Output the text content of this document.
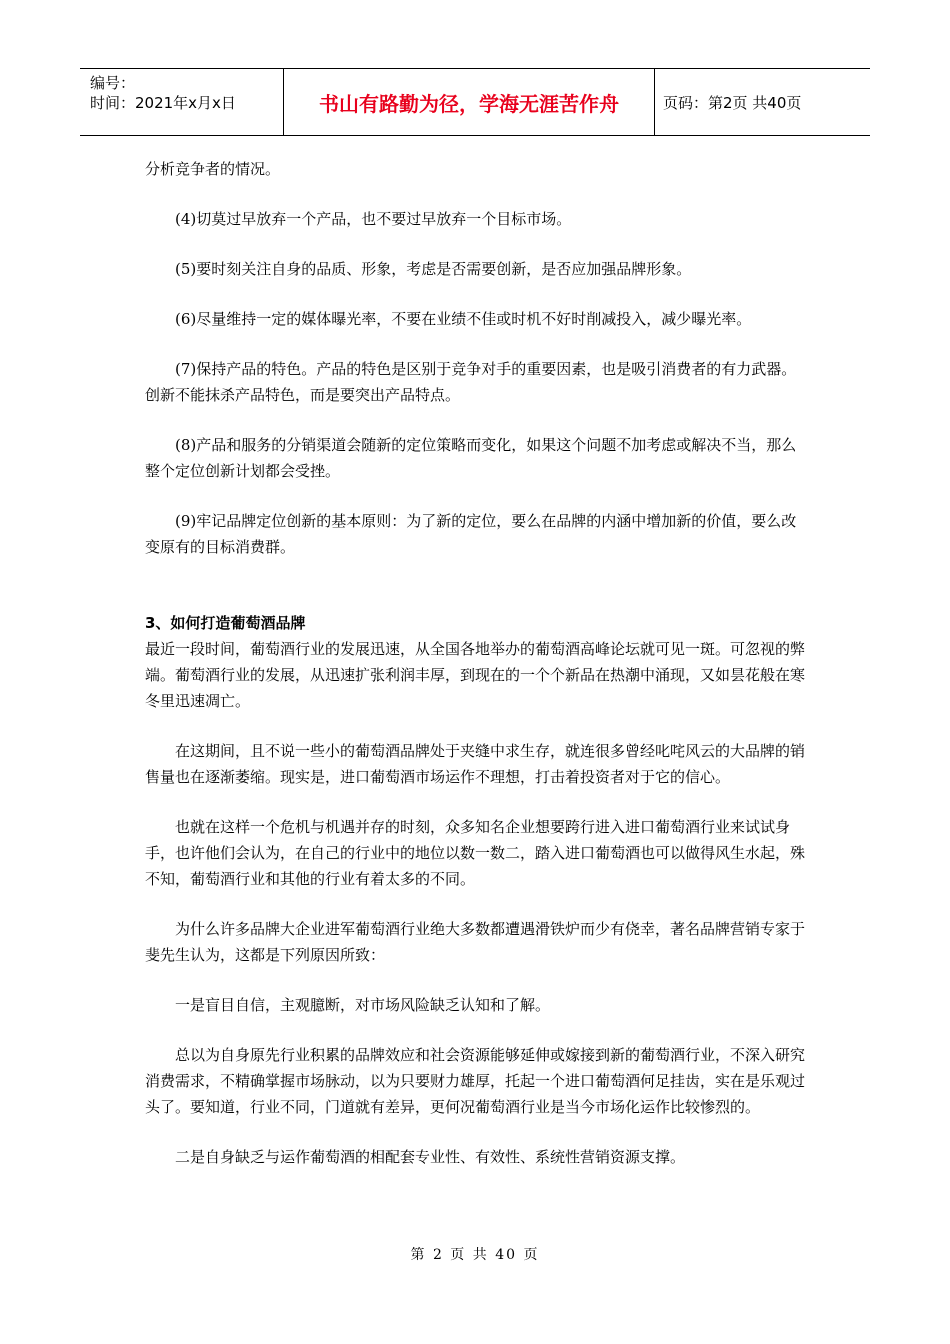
编号：
时间：2021年x月x日	书山有路勤为径，学海无涯苦作舟	页码：第2页 共40页

分析竞争者的情况。

(4)切莫过早放弃一个产品，也不要过早放弃一个目标市场。

(5)要时刻关注自身的品质、形象，考虑是否需要创新，是否应加强品牌形象。

(6)尽量维持一定的媒体曝光率，不要在业绩不佳或时机不好时削减投入，减少曝光率。

(7)保持产品的特色。产品的特色是区别于竞争对手的重要因素，也是吸引消费者的有力武器。创新不能抹杀产品特色，而是要突出产品特点。

(8)产品和服务的分销渠道会随新的定位策略而变化，如果这个问题不加考虑或解决不当，那么整个定位创新计划都会受挫。

(9)牢记品牌定位创新的基本原则：为了新的定位，要么在品牌的内涵中增加新的价值，要么改变原有的目标消费群。

3、如何打造葡萄酒品牌

最近一段时间，葡萄酒行业的发展迅速，从全国各地举办的葡萄酒高峰论坛就可见一斑。可忽视的弊端。葡萄酒行业的发展，从迅速扩张利润丰厚，到现在的一个个新品在热潮中涌现，又如昙花般在寒冬里迅速凋亡。

在这期间，且不说一些小的葡萄酒品牌处于夹缝中求生存，就连很多曾经叱咤风云的大品牌的销售量也在逐渐萎缩。现实是，进口葡萄酒市场运作不理想，打击着投资者对于它的信心。

也就在这样一个危机与机遇并存的时刻，众多知名企业想要跨行进入进口葡萄酒行业来试试身手，也许他们会认为，在自己的行业中的地位以数一数二，踏入进口葡萄酒也可以做得风生水起，殊不知，葡萄酒行业和其他的行业有着太多的不同。

为什么许多品牌大企业进军葡萄酒行业绝大多数都遭遇滑铁炉而少有侥幸，著名品牌营销专家于斐先生认为，这都是下列原因所致：

一是盲目自信，主观臆断，对市场风险缺乏认知和了解。

总以为自身原先行业积累的品牌效应和社会资源能够延伸或嫁接到新的葡萄酒行业，不深入研究消费需求，不精确掌握市场脉动，以为只要财力雄厚，托起一个进口葡萄酒何足挂齿，实在是乐观过头了。要知道，行业不同，门道就有差异，更何况葡萄酒行业是当今市场化运作比较惨烈的。

二是自身缺乏与运作葡萄酒的相配套专业性、有效性、系统性营销资源支撑。

第 2 页 共 40 页
